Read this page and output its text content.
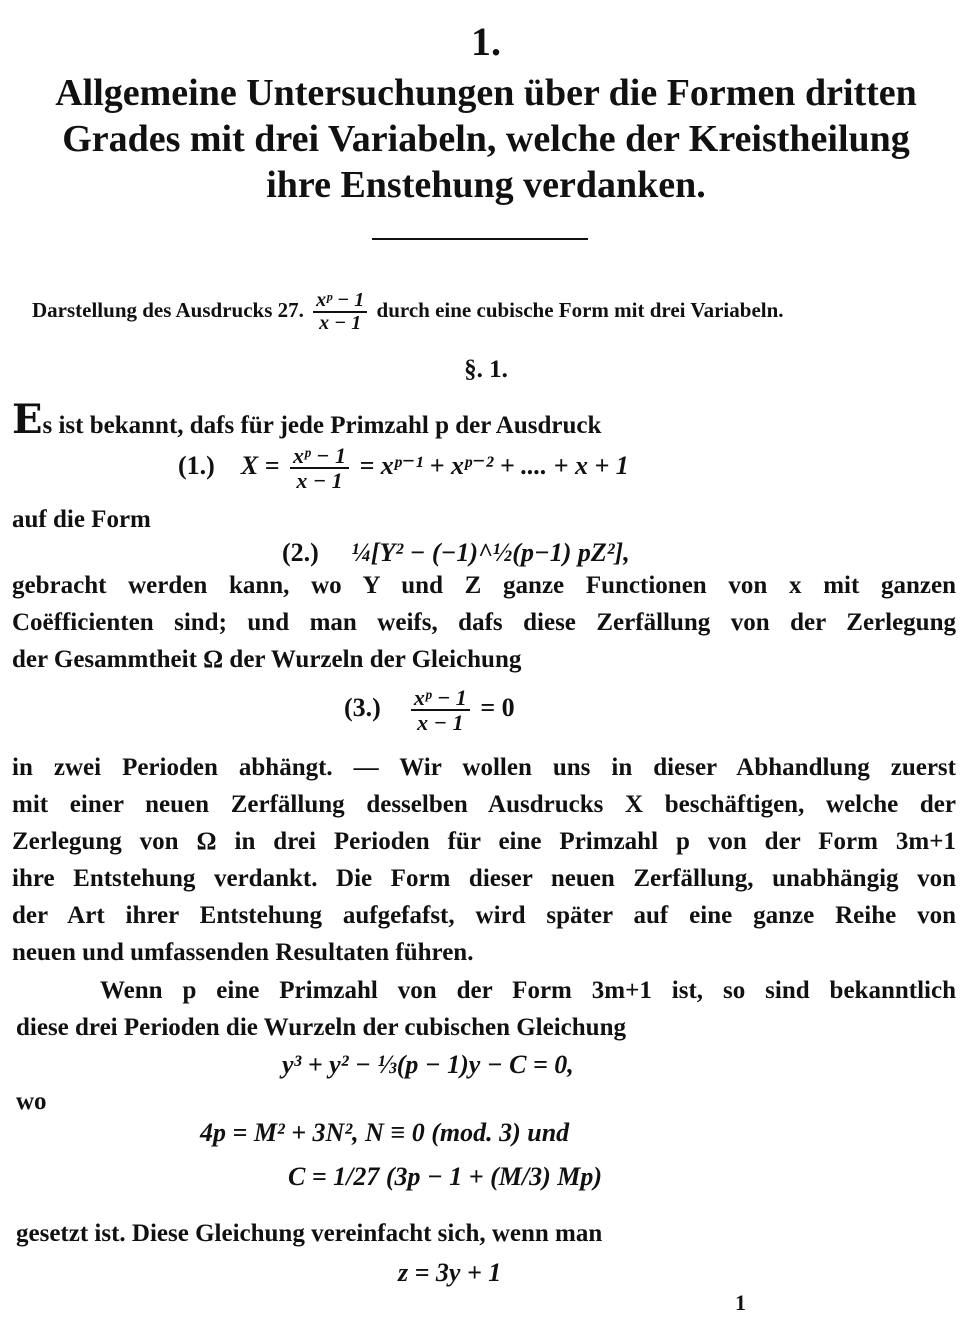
1.
Allgemeine Untersuchungen über die Formen dritten
Grades mit drei Variabeln, welche der Kreistheilung
ihre Enstehung verdanken.
Darstellung des Ausdrucks 27. $\frac{\text{xᵖ − 1}}{x - 1}$ durch eine cubische Form mit drei Variabeln.
§. 1.
Es ist bekannt, dafs für jede Primzahl p der Ausdruck
(1.) $X = \frac{\text{xᵖ − 1}}{x - 1}$ = xᵖ⁻¹ + xᵖ⁻² + .... + x + 1
auf die Form
(2.) ¼[Y² − (−1)^½(p−1) pZ²],
gebracht werden kann, wo Y und Z ganze Functionen von x mit ganzen
Coëfficienten sind; und man weifs, dafs diese Zerfällung von der Zerlegung
der Gesammtheit Ω der Wurzeln der Gleichung
$(3.) \frac{\text{xᵖ − 1}}{x - 1} = 0$
in zwei Perioden abhängt. — Wir wollen uns in dieser Abhandlung zuerst
mit einer neuen Zerfällung desselben Ausdrucks X beschäftigen, welche der
Zerlegung von Ω in drei Perioden für eine Primzahl p von der Form 3m+1
ihre Entstehung verdankt. Die Form dieser neuen Zerfällung, unabhängig von
der Art ihrer Entstehung aufgefafst, wird später auf eine ganze Reihe von
neuen und umfassenden Resultaten führen.
Wenn p eine Primzahl von der Form 3m+1 ist, so sind bekanntlich
diese drei Perioden die Wurzeln der cubischen Gleichung
y³ + y² − ⅓(p − 1)y − C = 0,
wo
4p = M² + 3N², N ≡ 0 (mod. 3) und
C = 1/27 (3p − 1 + (M/3) Mp)
gesetzt ist. Diese Gleichung vereinfacht sich, wenn man
z = 3y + 1
1
